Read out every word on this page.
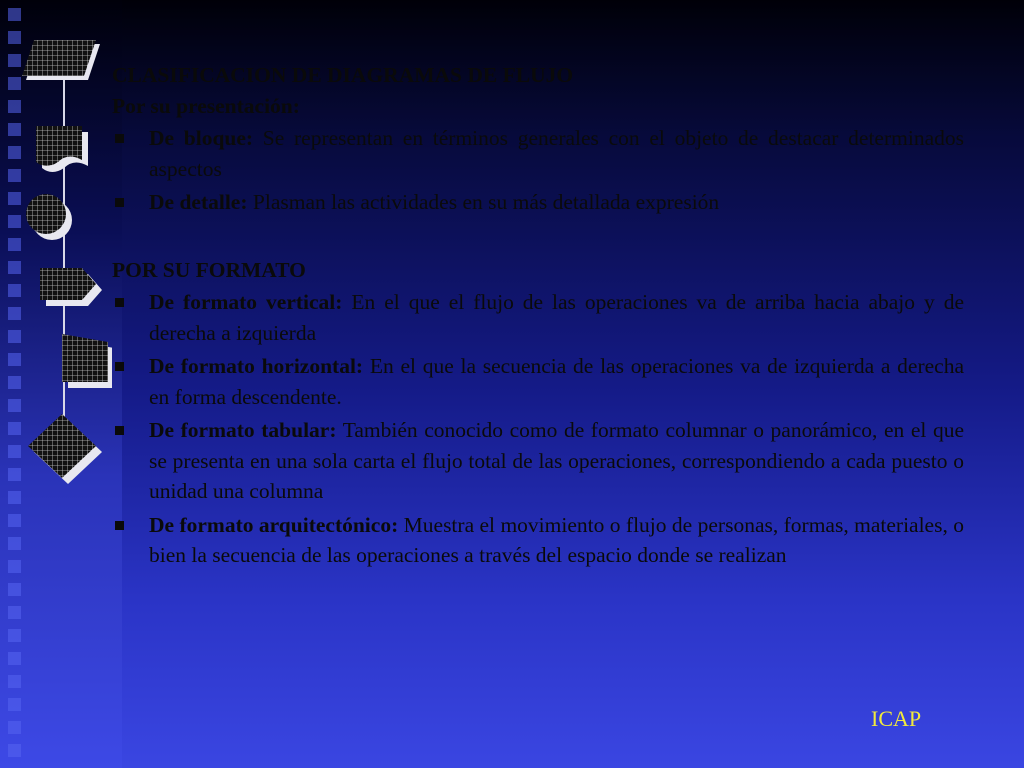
CLASIFICACION DE DIAGRAMAS DE FLUJO
Por su presentación:
De bloque: Se representan en términos generales con el objeto de destacar determinados aspectos
De detalle: Plasman las actividades en su más detallada expresión
POR SU FORMATO
De formato vertical: En el que el flujo de las operaciones va de arriba hacia abajo y de derecha a izquierda
De formato horizontal: En el que la secuencia de las operaciones va de izquierda a derecha en forma descendente.
De formato tabular: También conocido como de formato columnar o panorámico, en el que se presenta en una sola carta el flujo total de las operaciones, correspondiendo a cada puesto o unidad una columna
De formato arquitectónico: Muestra el movimiento o flujo de personas, formas, materiales, o bien la secuencia de las operaciones a través del espacio donde se realizan
ICAP
